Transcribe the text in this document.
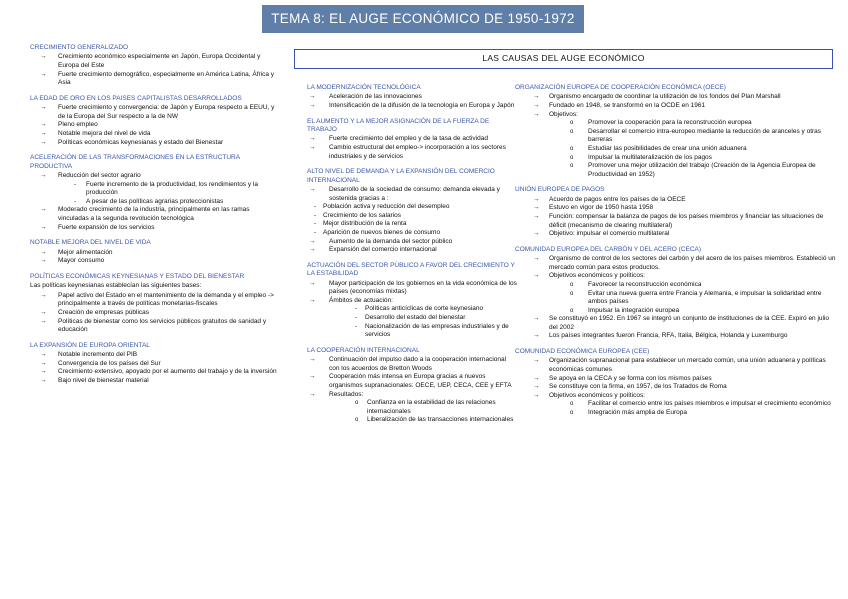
TEMA 8: EL AUGE ECONÓMICO DE 1950-1972
CRECIMIENTO GENERALIZADO
→ Crecimiento económico especialmente en Japón, Europa Occidental y Europa del Este
→ Fuerte crecimiento demográfico, especialmente en América Latina, África y Asia
LA EDAD DE ORO EN LOS PAISES CAPITALISTAS DESARROLLADOS
→ Fuerte crecimiento y convergencia: de Japón y Europa respecto a EEUU, y de la Europa del Sur respecto a la de NW
→ Pleno empleo
→ Notable mejora del nivel de vida
→ Políticas económicas keynesianas y estado del Bienestar
ACELERACIÓN DE LAS TRANSFORMACIONES EN LA ESTRUCTURA PRODUCTIVA
→ Reducción del sector agrario
- Fuerte incremento de la productividad, los rendimientos y la producción
- A pesar de las políticas agrarias proteccionistas
→ Moderado crecimiento de la industria, principalmente en las ramas vinculadas a la segunda revolución tecnológica
→ Fuerte expansión de los servicios
NOTABLE MEJORA DEL NIVEL DE VIDA
→ Mejor alimentación
→ Mayor consumo
POLÍTICAS ECONÓMICAS KEYNESIANAS Y ESTADO DEL BIENESTAR
Las políticas keynesianas establecían las siguientes bases:
→ Papel activo del Estado en el mantenimiento de la demanda y el empleo -> principalmente a través de políticas monetarias-fiscales
→ Creación de empresas públicas
→ Políticas de bienestar como los servicios públicos gratuitos de sanidad y educación
LA EXPANSIÓN DE EUROPA ORIENTAL
→ Notable incremento del PIB
→ Convergencia de los países del Sur
→ Crecimiento extensivo, apoyado por el aumento del trabajo y de la inversión
→ Bajo nivel de bienestar material
LAS CAUSAS DEL AUGE ECONÓMICO
LA MODERNIZACIÓN TECNOLÓGICA
→ Aceleración de las innovaciones
→ Intensificación de la difusión de la tecnología en Europa y Japón
EL AUMENTO Y LA MEJOR ASIGNACIÓN DE LA FUERZA DE TRABAJO
→ Fuerte crecimiento del empleo y de la tasa de actividad
→ Cambio estructural del empleo-> incorporación a los sectores industriales y de servicios
ALTO NIVEL DE DEMANDA Y LA EXPANSIÓN DEL COMERCIO INTERNACIONAL
→ Desarrollo de la sociedad de consumo: demanda elevada y sostenida gracias a :
- Población activa y reducción del desempleo
- Crecimiento de los salarios
- Mejor distribución de la renta
- Aparición de nuevos bienes de consumo
→ Aumento de la demanda del sector público
→ Expansión del comercio internacional
ACTUACIÓN DEL SECTOR PÚBLICO A FAVOR DEL CRECIMIENTO Y LA ESTABILIDAD
→ Mayor participación de los gobiernos en la vida económica de los países (economías mixtas)
→ Ámbitos de actuación:
- Políticas anticíclicas de corte keynesiano
- Desarrollo del estado del bienestar
- Nacionalización de las empresas industriales y de servicios
LA COOPERACIÓN INTERNACIONAL
→ Continuación del impulso dado a la cooperación internacional con los acuerdos de Bretton Woods
→ Cooperación más intensa en Europa gracias a nuevos organismos supranacionales: OECE, UEP, CECA, CEE y EFTA
→ Resultados:
o Confianza en la estabilidad de las relaciones internacionales
o Liberalización de las transacciones internacionales
ORGANIZACIÓN EUROPEA DE COOPERACIÓN ECONÓMICA (OECE)
→ Organismo encargado de coordinar la utilización de los fondos del Plan Marshall
→ Fundado en 1948, se transformó en la OCDE en 1961
→ Objetivos:
o Promover la cooperación para la reconstrucción europea
o Desarrollar el comercio intra-europeo mediante la reducción de aranceles y otras barreras
o Estudiar las posibilidades de crear una unión aduanera
o Impulsar la multilateralización de los pagos
o Promover una mejor utilización del trabajo (Creación de la Agencia Europea de Productividad en 1952)
UNIÓN EUROPEA DE PAGOS
→ Acuerdo de pagos entre los países de la OECE
→ Estuvo en vigor de 1950 hasta 1958
→ Función: compensar la balanza de pagos de los países miembros y financiar las situaciones de déficit (mecanismo de clearing multilateral)
→ Objetivo: impulsar el comercio multilateral
COMUNIDAD EUROPEA DEL CARBÓN Y DEL ACERO (CECA)
→ Organismo de control de los sectores del carbón y del acero de los países miembros. Estableció un mercado común para estos productos.
→ Objetivos económicos y políticos:
o Favorecer la reconstrucción económica
o Evitar una nueva guerra entre Francia y Alemania, e impulsar la solidaridad entre ambos países
o Impulsar la integración europea
→ Se constituyó en 1952. En 1967 se integró un conjunto de instituciones de la CEE. Expiró en julio del 2002
→ Los países integrantes fueron Francia, RFA, Italia, Bélgica, Holanda y Luxemburgo
COMUNIDAD ECONÓMICA EUROPEA (CEE)
→ Organización supranacional para establecer un mercado común, una unión aduanera y políticas económicas comunes
→ Se apoya en la CECA y se forma con los mismos países
→ Se constituye con la firma, en 1957, de los Tratados de Roma
→ Objetivos económicos y políticos:
o Facilitar el comercio entre los países miembros e impulsar el crecimiento económico
o Integración más amplia de Europa
